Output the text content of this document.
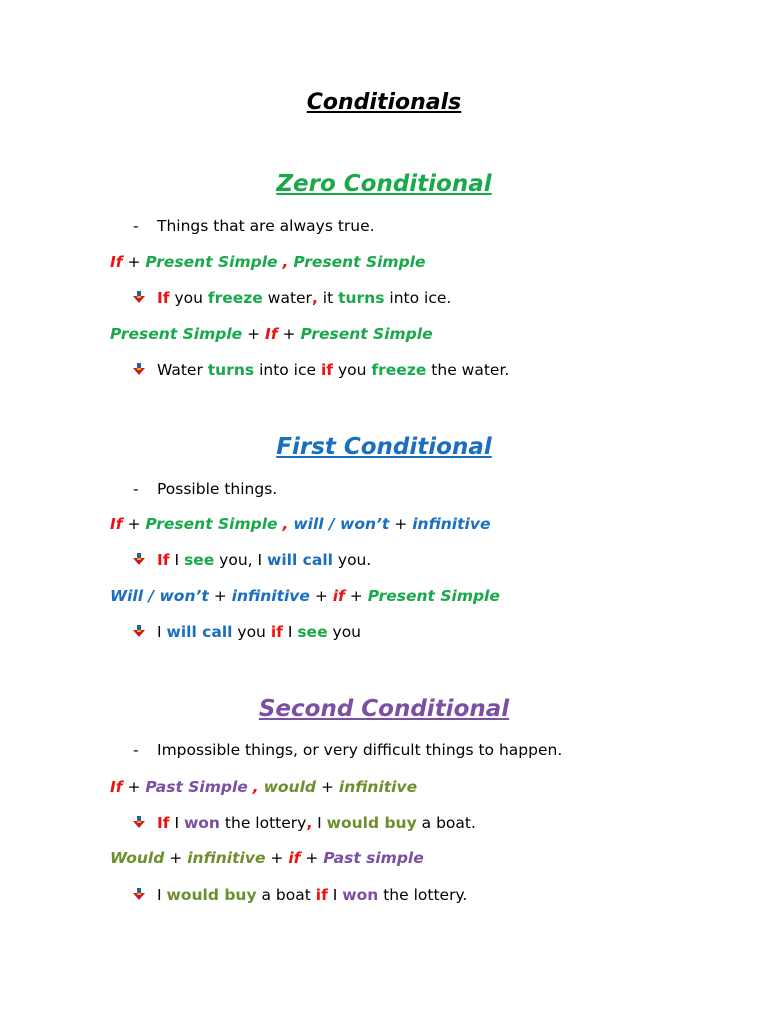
Conditionals
Zero Conditional
- Things that are always true.
If + Present Simple , Present Simple
If you freeze water, it turns into ice.
Present Simple + If + Present Simple
Water turns into ice if you freeze the water.
First Conditional
- Possible things.
If + Present Simple , will / won’t + infinitive
If I see you, I will call you.
Will / won’t + infinitive + if + Present Simple
I will call you if I see you
Second Conditional
- Impossible things, or very difficult things to happen.
If + Past Simple , would + infinitive
If I won the lottery, I would buy a boat.
Would + infinitive + if + Past simple
I would buy a boat if I won the lottery.
